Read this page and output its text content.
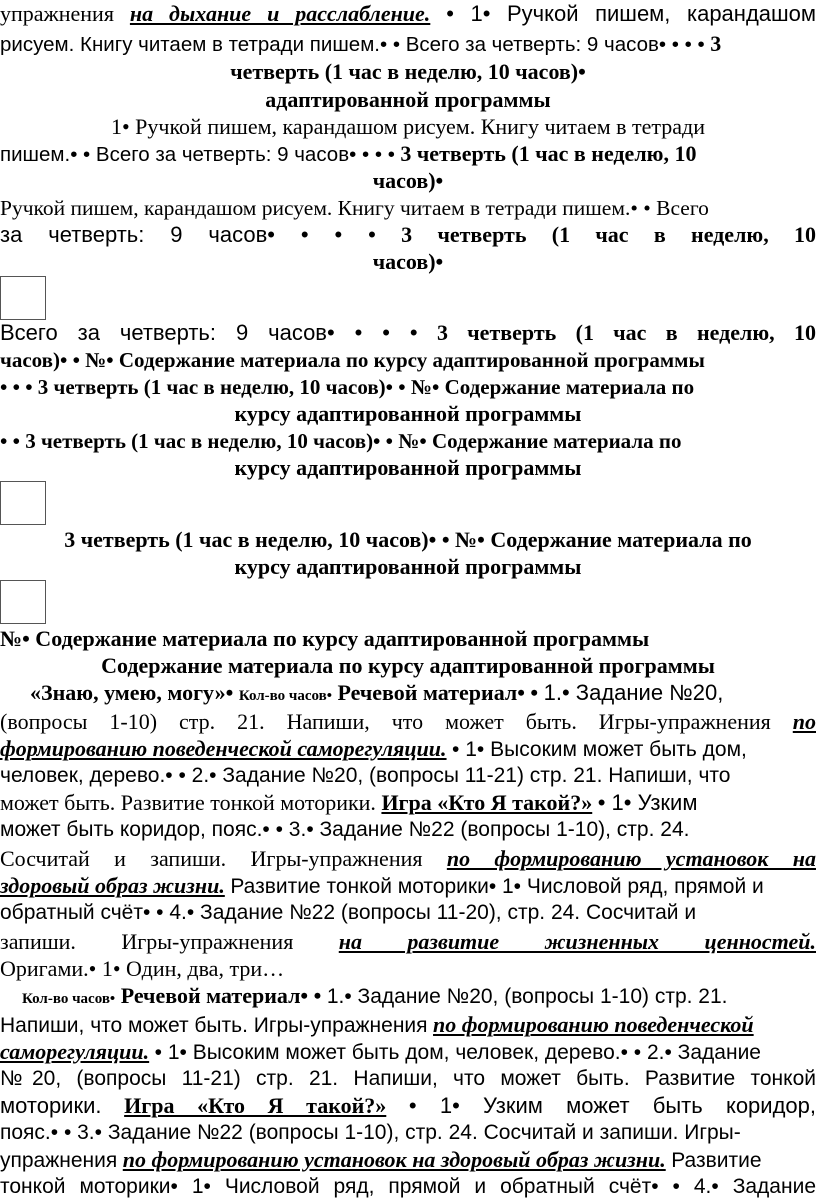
упражнения на дыхание и расслабление. • 1• Ручкой пишем, карандашом
рисуем. Книгу читаем в тетради пишем.• • Всего за четверть: 9 часов• • • • 3
четверть (1 час в неделю, 10 часов)•
адаптированной программы
1• Ручкой пишем, карандашом рисуем. Книгу читаем в тетради
пишем.• • Всего за четверть: 9 часов• • • • 3 четверть (1 час в неделю, 10
часов)•
Ручкой пишем, карандашом рисуем. Книгу читаем в тетради пишем.• • Всего
за четверть: 9 часов• • • • 3 четверть (1 час в неделю, 10
часов)•
Всего за четверть: 9 часов• • • • 3 четверть (1 час в неделю, 10
часов)• • №• Содержание материала по курсу адаптированной программы
• • • 3 четверть (1 час в неделю, 10 часов)• • №• Содержание материала по
курсу адаптированной программы
• • 3 четверть (1 час в неделю, 10 часов)• • №• Содержание материала по
курсу адаптированной программы
3 четверть (1 час в неделю, 10 часов)• • №• Содержание материала по
курсу адаптированной программы
№• Содержание материала по курсу адаптированной программы
Содержание материала по курсу адаптированной программы
«Знаю, умею, могу»• Кол-во часов• Речевой материал• • 1.• Задание №20,
(вопросы 1-10) стр. 21. Напиши, что может быть. Игры-упражнения по
формированию поведенческой саморегуляции. • 1• Высоким может быть дом,
человек, дерево.• • 2.• Задание №20, (вопросы 11-21) стр. 21. Напиши, что
может быть. Развитие тонкой моторики. Игра «Кто Я такой?» • 1• Узким
может быть коридор, пояс.• • 3.• Задание №22 (вопросы 1-10), стр. 24.
Сосчитай и запиши. Игры-упражнения по формированию установок на
здоровый образ жизни. Развитие тонкой моторики• 1• Числовой ряд, прямой и
обратный счёт• • 4.• Задание №22 (вопросы 11-20), стр. 24. Сосчитай и
запиши. Игры-упражнения на развитие жизненных ценностей.
Оригами.• 1• Один, два, три…
Кол-во часов• Речевой материал• • 1.• Задание №20, (вопросы 1-10) стр. 21.
Напиши, что может быть. Игры-упражнения по формированию поведенческой
саморегуляции. • 1• Высоким может быть дом, человек, дерево.• • 2.• Задание
№20, (вопросы 11-21) стр. 21. Напиши, что может быть. Развитие тонкой
моторики. Игра «Кто Я такой?» • 1• Узким может быть коридор,
пояс.• • 3.• Задание №22 (вопросы 1-10), стр. 24. Сосчитай и запиши. Игры-
упражнения по формированию установок на здоровый образ жизни. Развитие
тонкой моторики• 1• Числовой ряд, прямой и обратный счёт• • 4.• Задание
